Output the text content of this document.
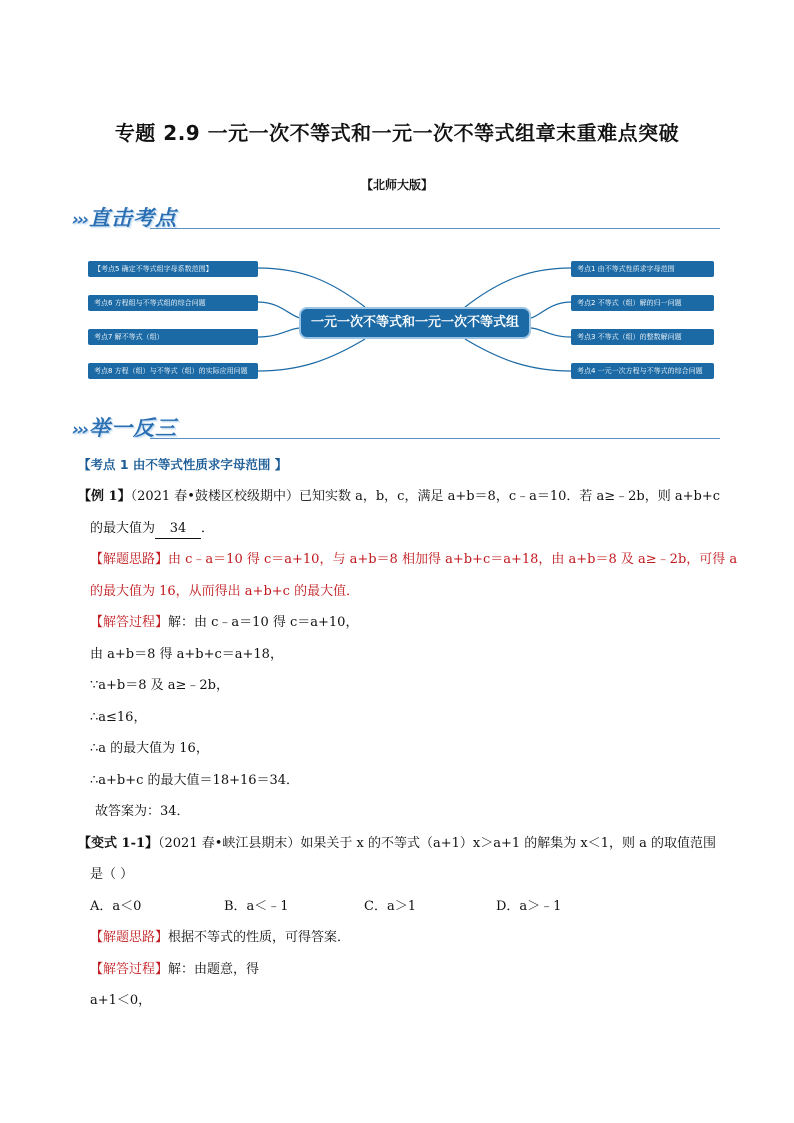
专题 2.9 一元一次不等式和一元一次不等式组章末重难点突破
【北师大版】
›››直击考点
【考点5 确定不等式组字母系数范围】
考点6 方程组与不等式组的综合问题
考点7 解不等式（组）
考点8 方程（组）与不等式（组）的实际应用问题
一元一次不等式和一元一次不等式组
考点1 由不等式性质求字母范围
考点2 不等式（组）解的归一问题
考点3 不等式（组）的整数解问题
考点4 一元一次方程与不等式的综合问题
›››举一反三
【考点 1 由不等式性质求字母范围 】
【例 1】（2021 春•鼓楼区校级期中）已知实数 a，b，c，满足 a+b＝8，c﹣a＝10．若 a≥﹣2b，则 a+b+c
的最大值为 34 ．
【解题思路】由 c﹣a＝10 得 c＝a+10，与 a+b＝8 相加得 a+b+c＝a+18，由 a+b＝8 及 a≥﹣2b，可得 a
的最大值为 16，从而得出 a+b+c 的最大值．
【解答过程】解：由 c﹣a＝10 得 c＝a+10，
由 a+b＝8 得 a+b+c＝a+18，
∵a+b＝8 及 a≥﹣2b，
∴a≤16，
∴a 的最大值为 16，
∴a+b+c 的最大值＝18+16＝34．
故答案为：34．
【变式 1-1】（2021 春•峡江县期末）如果关于 x 的不等式（a+1）x＞a+1 的解集为 x＜1，则 a 的取值范围
是（ ）
A．a＜0	B．a＜﹣1	C．a＞1	D．a＞﹣1
【解题思路】根据不等式的性质，可得答案．
【解答过程】解：由题意，得
a+1＜0，
